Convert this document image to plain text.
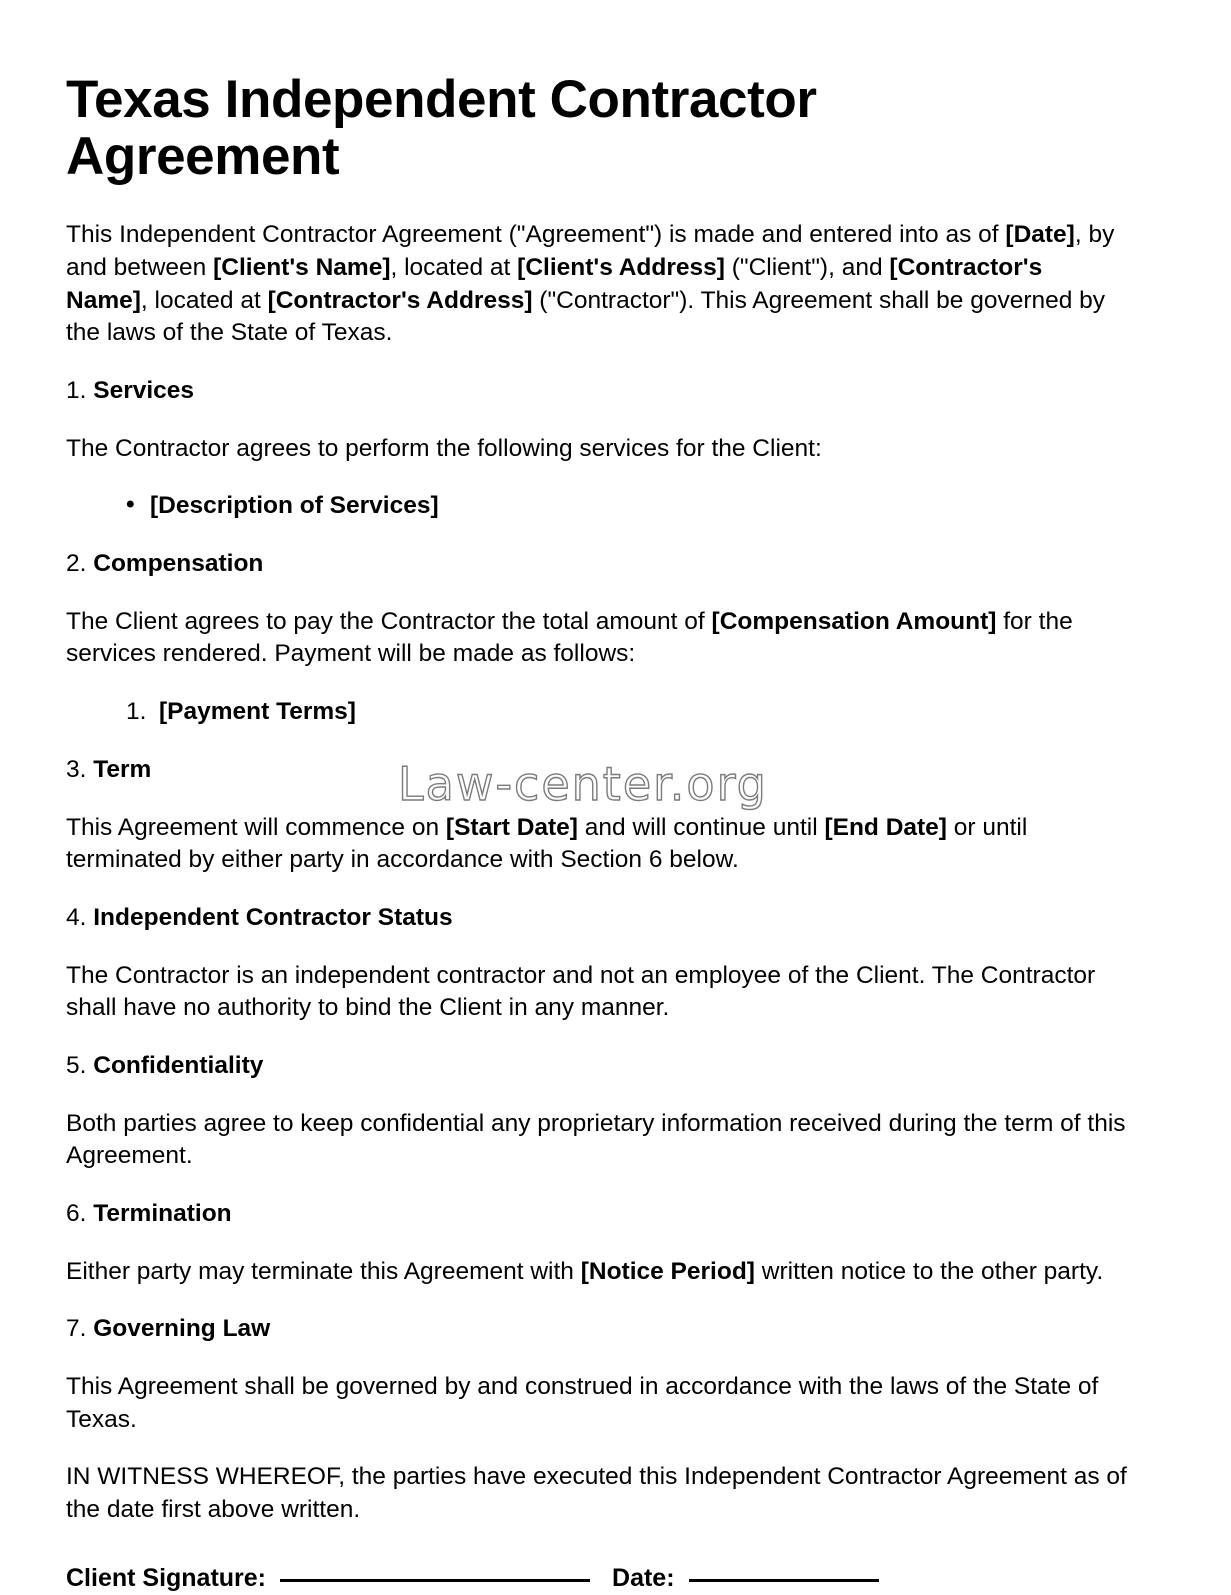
Texas Independent Contractor Agreement

This Independent Contractor Agreement ("Agreement") is made and entered into as of [Date], by and between [Client's Name], located at [Client's Address] ("Client"), and [Contractor's Name], located at [Contractor's Address] ("Contractor"). This Agreement shall be governed by the laws of the State of Texas.

1. Services

The Contractor agrees to perform the following services for the Client:

• [Description of Services]
2. Compensation

The Client agrees to pay the Contractor the total amount of [Compensation Amount] for the services rendered. Payment will be made as follows:

[Payment Terms]
3. Term

This Agreement will commence on [Start Date] and will continue until [End Date] or until terminated by either party in accordance with Section 6 below.

4. Independent Contractor Status

The Contractor is an independent contractor and not an employee of the Client. The Contractor shall have no authority to bind the Client in any manner.

5. Confidentiality

Both parties agree to keep confidential any proprietary information received during the term of this Agreement.

6. Termination

Either party may terminate this Agreement with [Notice Period] written notice to the other party.

7. Governing Law

This Agreement shall be governed by and construed in accordance with the laws of the State of Texas.

IN WITNESS WHEREOF, the parties have executed this Independent Contractor Agreement as of the date first above written.

Client Signature:	Date:
Law-center.org
